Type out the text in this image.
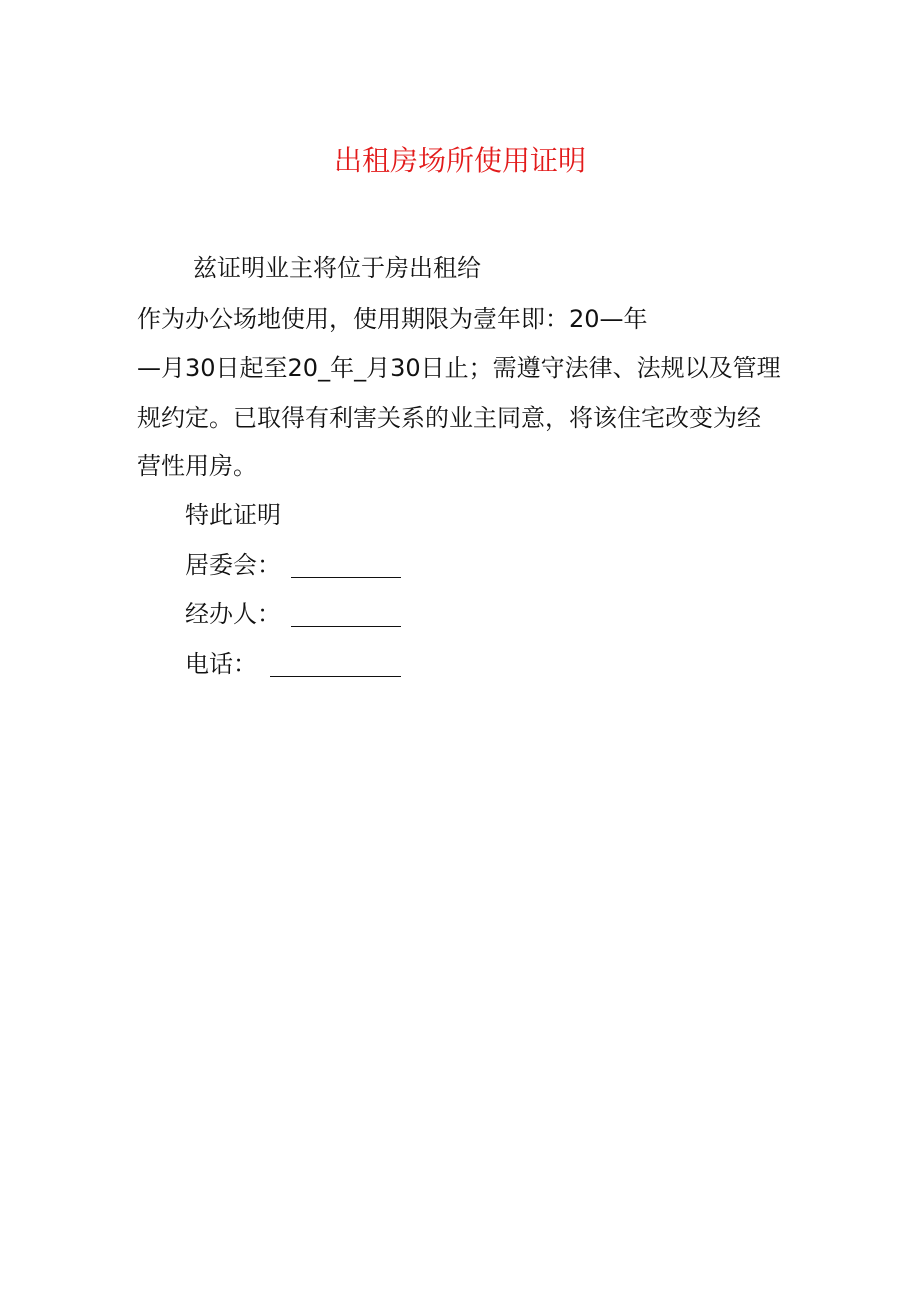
出租房场所使用证明
兹证明业主将位于房出租给
作为办公场地使用，使用期限为壹年即：20—年
—月30日起至20_年_月30日止；需遵守法律、法规以及管理
规约定。已取得有利害关系的业主同意，将该住宅改变为经
营性用房。
特此证明
居委会：
经办人：
电话：
